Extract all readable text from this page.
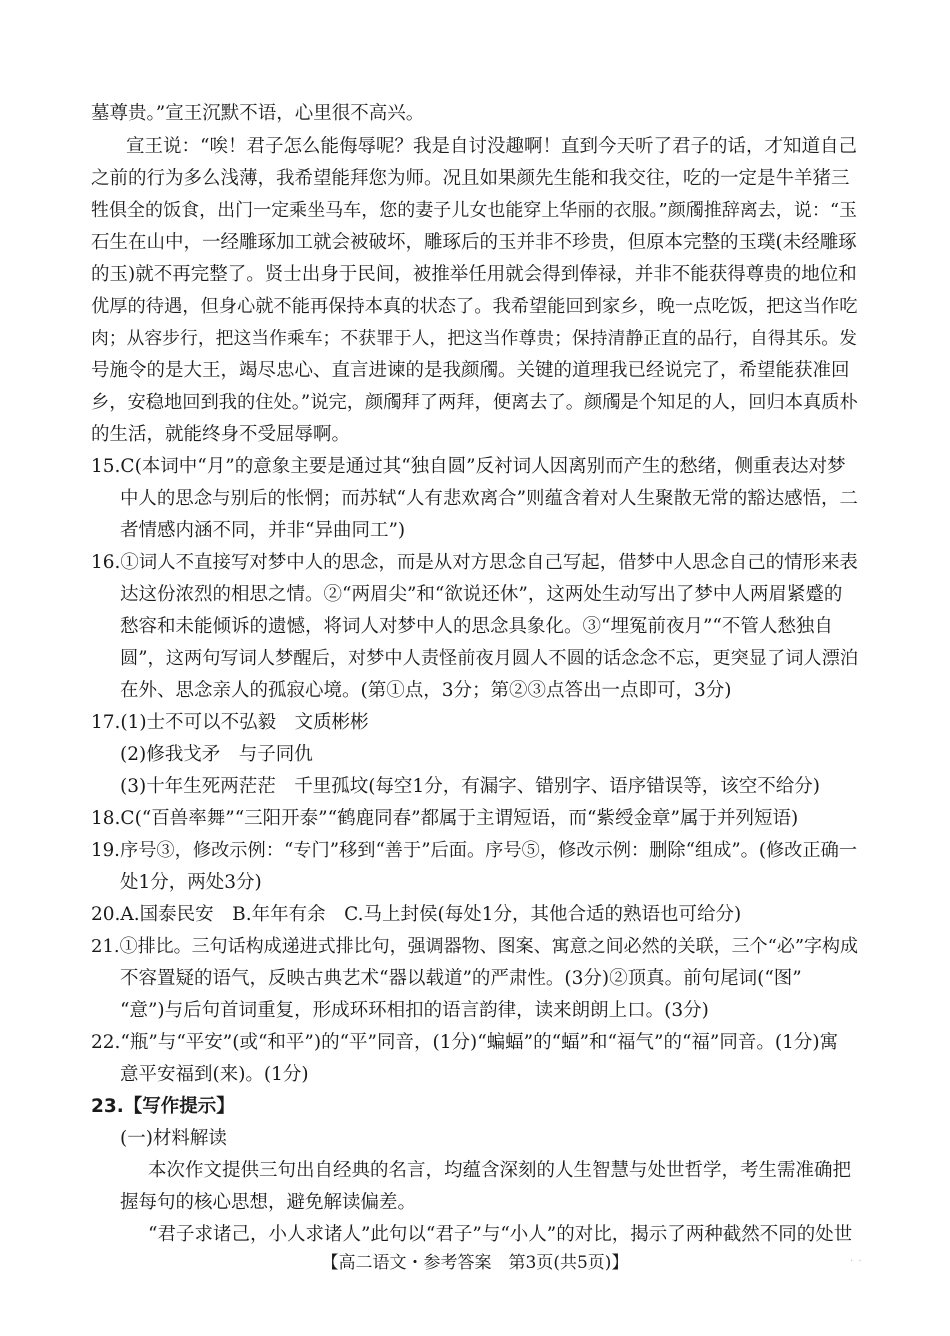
墓尊贵。”宣王沉默不语，心里很不高兴。
宣王说：“唉！君子怎么能侮辱呢？我是自讨没趣啊！直到今天听了君子的话，才知道自己
之前的行为多么浅薄，我希望能拜您为师。况且如果颜先生能和我交往，吃的一定是牛羊猪三
牲俱全的饭食，出门一定乘坐马车，您的妻子儿女也能穿上华丽的衣服。”颜斶推辞离去，说：“玉
石生在山中，一经雕琢加工就会被破坏，雕琢后的玉并非不珍贵，但原本完整的玉璞(未经雕琢
的玉)就不再完整了。贤士出身于民间，被推举任用就会得到俸禄，并非不能获得尊贵的地位和
优厚的待遇，但身心就不能再保持本真的状态了。我希望能回到家乡，晚一点吃饭，把这当作吃
肉；从容步行，把这当作乘车；不获罪于人，把这当作尊贵；保持清静正直的品行，自得其乐。发
号施令的是大王，竭尽忠心、直言进谏的是我颜斶。关键的道理我已经说完了，希望能获准回
乡，安稳地回到我的住处。”说完，颜斶拜了两拜，便离去了。颜斶是个知足的人，回归本真质朴
的生活，就能终身不受屈辱啊。
15.C(本词中“月”的意象主要是通过其“独自圆”反衬词人因离别而产生的愁绪，侧重表达对梦
中人的思念与别后的怅惘；而苏轼“人有悲欢离合”则蕴含着对人生聚散无常的豁达感悟，二
者情感内涵不同，并非“异曲同工”)
16.①词人不直接写对梦中人的思念，而是从对方思念自己写起，借梦中人思念自己的情形来表
达这份浓烈的相思之情。②“两眉尖”和“欲说还休”，这两处生动写出了梦中人两眉紧蹙的
愁容和未能倾诉的遗憾，将词人对梦中人的思念具象化。③“埋冤前夜月”“不管人愁独自
圆”，这两句写词人梦醒后，对梦中人责怪前夜月圆人不圆的话念念不忘，更突显了词人漂泊
在外、思念亲人的孤寂心境。(第①点，3分；第②③点答出一点即可，3分)
17.(1)士不可以不弘毅　文质彬彬
(2)修我戈矛　与子同仇
(3)十年生死两茫茫　千里孤坟(每空1分，有漏字、错别字、语序错误等，该空不给分)
18.C(“百兽率舞”“三阳开泰”“鹤鹿同春”都属于主谓短语，而“紫绶金章”属于并列短语)
19.序号③，修改示例：“专门”移到“善于”后面。序号⑤，修改示例：删除“组成”。(修改正确一
处1分，两处3分)
20.A.国泰民安　B.年年有余　C.马上封侯(每处1分，其他合适的熟语也可给分)
21.①排比。三句话构成递进式排比句，强调器物、图案、寓意之间必然的关联，三个“必”字构成
不容置疑的语气，反映古典艺术“器以载道”的严肃性。(3分)②顶真。前句尾词(“图”
“意”)与后句首词重复，形成环环相扣的语言韵律，读来朗朗上口。(3分)
22.“瓶”与“平安”(或“和平”)的“平”同音，(1分)“蝙蝠”的“蝠”和“福气”的“福”同音。(1分)寓
意平安福到(来)。(1分)
23.【写作提示】
(一)材料解读
本次作文提供三句出自经典的名言，均蕴含深刻的人生智慧与处世哲学，考生需准确把
握每句的核心思想，避免解读偏差。
“君子求诸己，小人求诸人”此句以“君子”与“小人”的对比，揭示了两种截然不同的处世
【高二语文・参考答案　第3页(共5页)】	· ·
